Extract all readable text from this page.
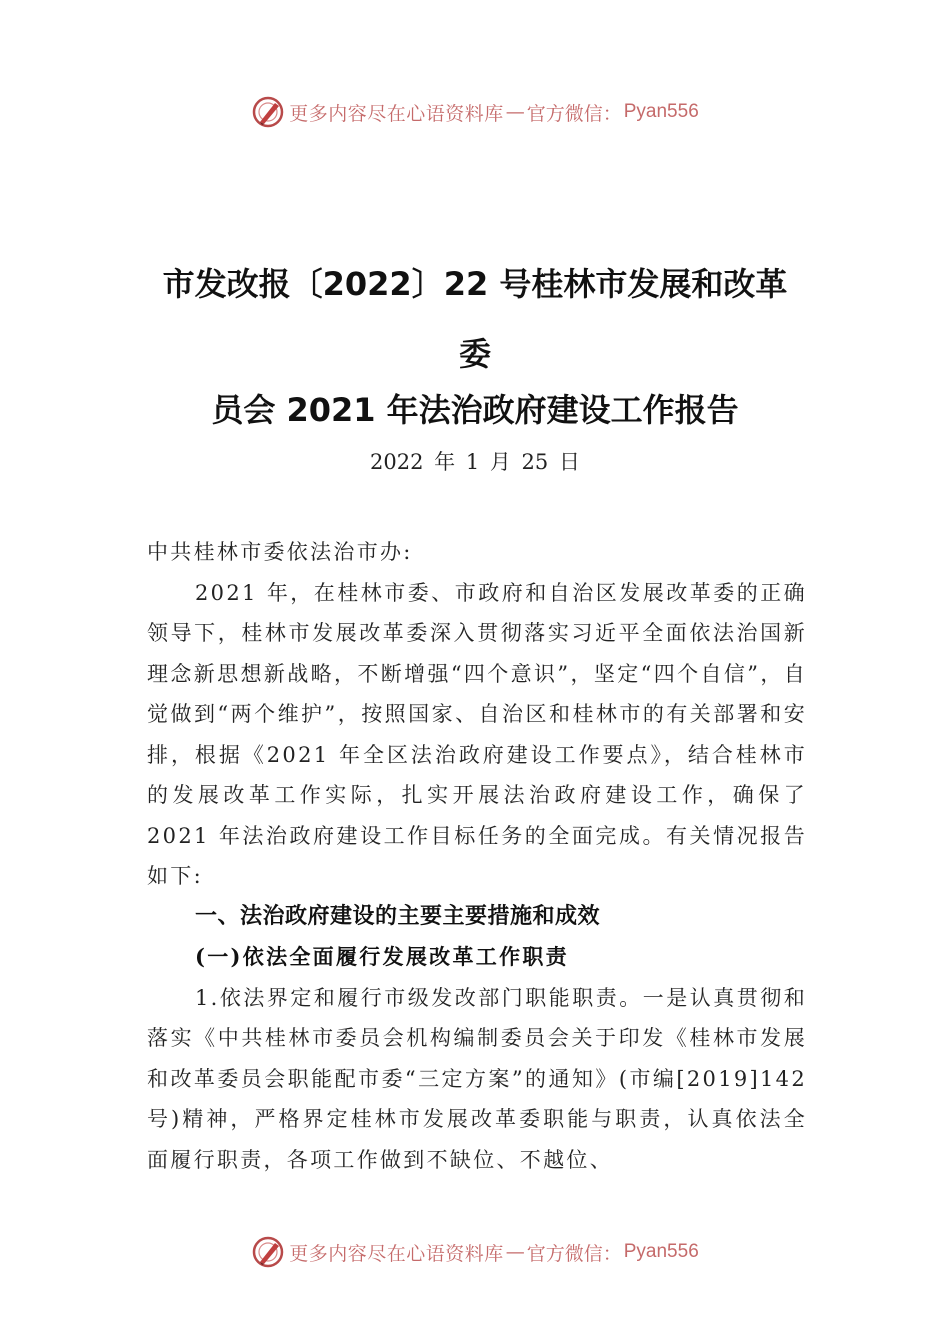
更多内容尽在心语资料库 — 官方微信： Pyan556
市发改报〔2022〕22 号桂林市发展和改革
委
员会 2021 年法治政府建设工作报告
2022 年 1 月 25 日

中共桂林市委依法治市办:

2021 年，在桂林市委、市政府和自治区发展改革委的正确领导下，桂林市发展改革委深入贯彻落实习近平全面依法治国新理念新思想新战略，不断增强“四个意识”，坚定“四个自信”，自觉做到“两个维护”，按照国家、自治区和桂林市的有关部署和安排，根据《2021 年全区法治政府建设工作要点》，结合桂林市的发展改革工作实际，扎实开展法治政府建设工作，确保了 2021 年法治政府建设工作目标任务的全面完成。有关情况报告如下:

一、法治政府建设的主要主要措施和成效

(一)依法全面履行发展改革工作职责

1.依法界定和履行市级发改部门职能职责。一是认真贯彻和落实《中共桂林市委员会机构编制委员会关于印发《桂林市发展和改革委员会职能配市委“三定方案”的通知》(市编[2019]142 号)精神，严格界定桂林市发展改革委职能与职责，认真依法全面履行职责，各项工作做到不缺位、不越位、

更多内容尽在心语资料库 — 官方微信： Pyan556
